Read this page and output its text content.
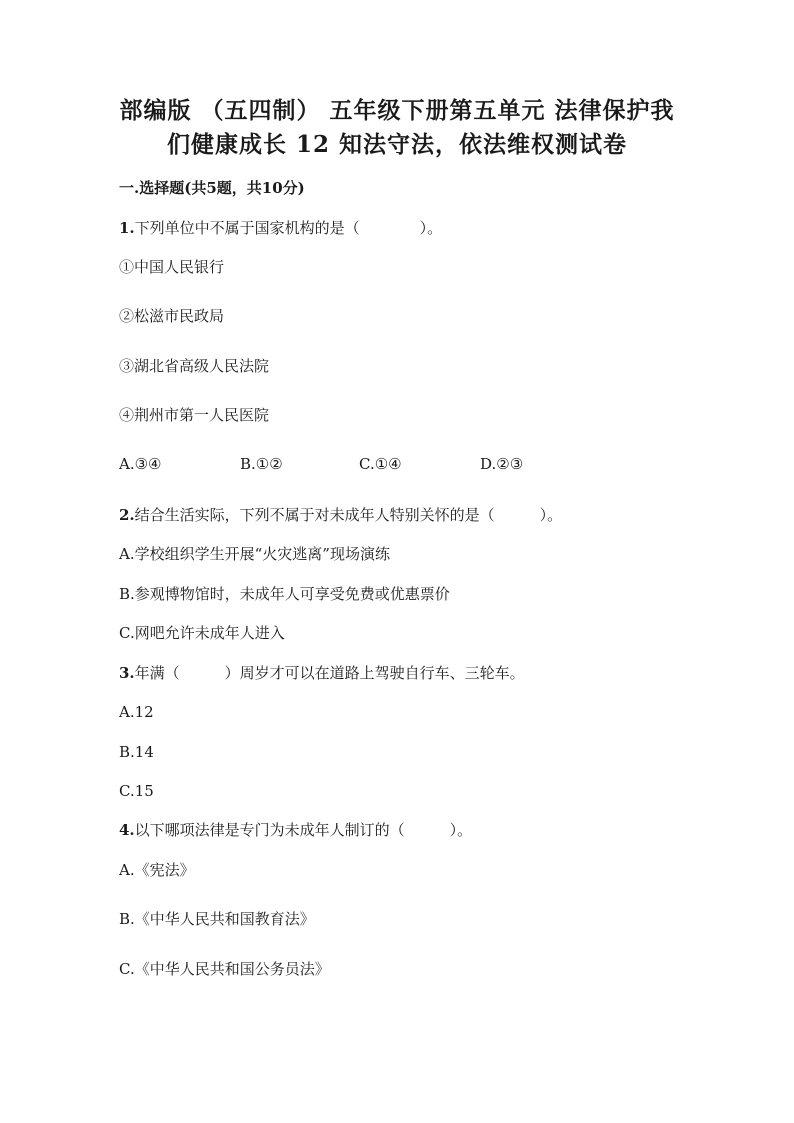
部编版 （五四制） 五年级下册第五单元 法律保护我
们健康成长 12 知法守法，依法维权测试卷
一.选择题(共5题，共10分)
1.下列单位中不属于国家机构的是（　　　　）。
①中国人民银行
②松滋市民政局
③湖北省高级人民法院
④荆州市第一人民医院
A.③④	B.①②	C.①④	D.②③
2.结合生活实际，下列不属于对未成年人特别关怀的是（　　　）。
A.学校组织学生开展“火灾逃离”现场演练
B.参观博物馆时，未成年人可享受免费或优惠票价
C.网吧允许未成年人进入
3.年满（　　　）周岁才可以在道路上驾驶自行车、三轮车。
A.12
B.14
C.15
4.以下哪项法律是专门为未成年人制订的（　　　）。
A.《宪法》
B.《中华人民共和国教育法》
C.《中华人民共和国公务员法》
